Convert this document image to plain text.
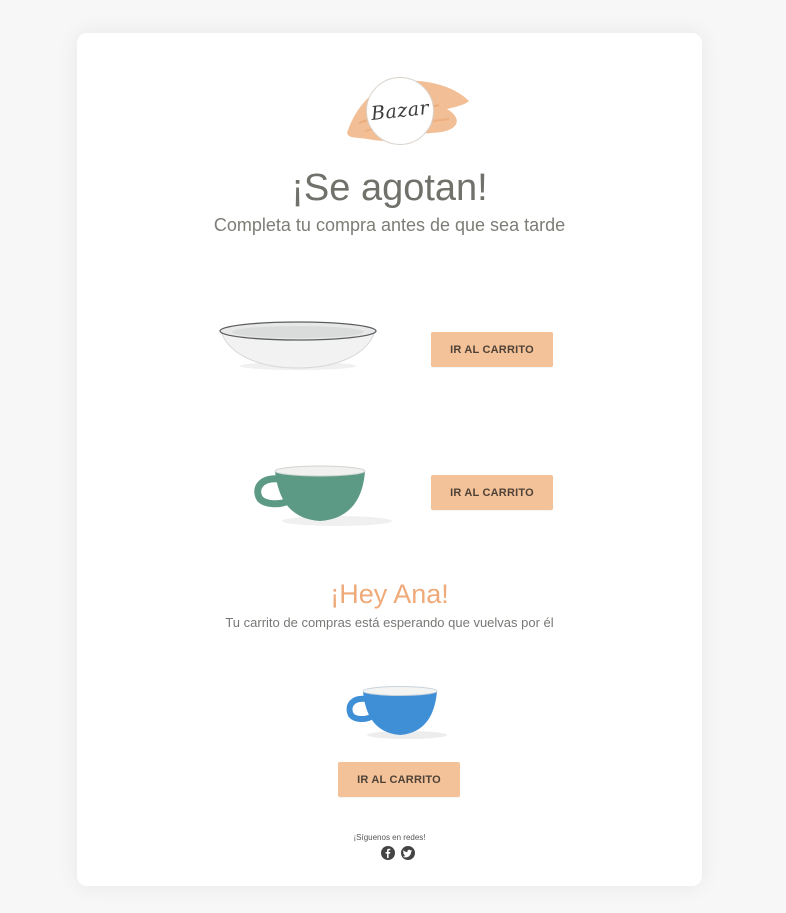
Bazar
¡Se agotan!
Completa tu compra antes de que sea tarde
IR AL CARRITO
IR AL CARRITO
¡Hey Ana!
Tu carrito de compras está esperando que vuelvas por él
IR AL CARRITO
¡Síguenos en redes!
